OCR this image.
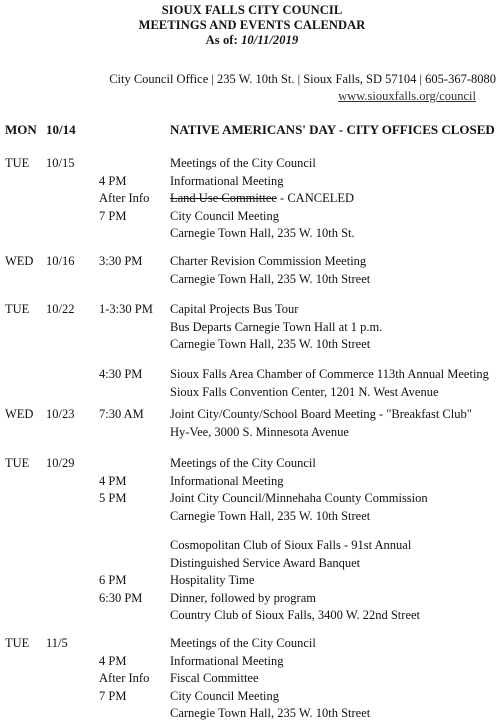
SIOUX FALLS CITY COUNCIL
MEETINGS AND EVENTS CALENDAR
As of: 10/11/2019
City Council Office | 235 W. 10th St. | Sioux Falls, SD 57104 | 605-367-8080
www.siouxfalls.org/council
MON 10/14	NATIVE AMERICANS' DAY - CITY OFFICES CLOSED
TUE 10/15

4 PM
After Info
7 PM
Meetings of the City Council
Informational Meeting
Land Use Committee - CANCELED
City Council Meeting
Carnegie Town Hall, 235 W. 10th St.
WED 10/16 3:30 PM Charter Revision Commission Meeting
Carnegie Town Hall, 235 W. 10th Street
TUE 10/22 1-3:30 PM Capital Projects Bus Tour
Bus Departs Carnegie Town Hall at 1 p.m.
Carnegie Town Hall, 235 W. 10th Street
4:30 PM Sioux Falls Area Chamber of Commerce 113th Annual Meeting
Sioux Falls Convention Center, 1201 N. West Avenue
WED 10/23 7:30 AM Joint City/County/School Board Meeting - "Breakfast Club"
Hy-Vee, 3000 S. Minnesota Avenue
TUE 10/29

4 PM
5 PM
Meetings of the City Council
Informational Meeting
Joint City Council/Minnehaha County Commission
Carnegie Town Hall, 235 W. 10th Street

6 PM
6:30 PM
Cosmopolitan Club of Sioux Falls - 91st Annual
Distinguished Service Award Banquet
Hospitality Time
Dinner, followed by program
Country Club of Sioux Falls, 3400 W. 22nd Street
TUE 11/5

4 PM
After Info
7 PM
Meetings of the City Council
Informational Meeting
Fiscal Committee
City Council Meeting
Carnegie Town Hall, 235 W. 10th Street
